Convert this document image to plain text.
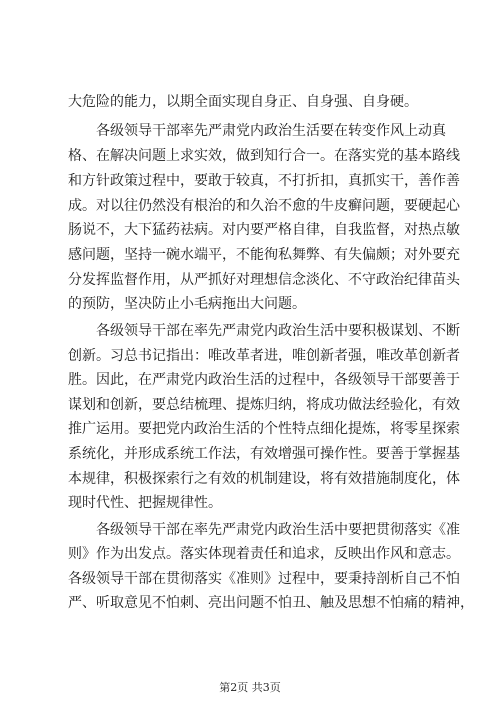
大危险的能力，以期全面实现自身正、自身强、自身硬。
各级领导干部率先严肃党内政治生活要在转变作风上动真
格、在解决问题上求实效，做到知行合一。在落实党的基本路线
和方针政策过程中，要敢于较真，不打折扣，真抓实干，善作善
成。对以往仍然没有根治的和久治不愈的牛皮癣问题，要硬起心
肠说不，大下猛药祛病。对内要严格自律，自我监督，对热点敏
感问题，坚持一碗水端平，不能徇私舞弊、有失偏颇；对外要充
分发挥监督作用，从严抓好对理想信念淡化、不守政治纪律苗头
的预防，坚决防止小毛病拖出大问题。
各级领导干部在率先严肃党内政治生活中要积极谋划、不断
创新。习总书记指出：唯改革者进，唯创新者强，唯改革创新者
胜。因此，在严肃党内政治生活的过程中，各级领导干部要善于
谋划和创新，要总结梳理、提炼归纳，将成功做法经验化，有效
推广运用。要把党内政治生活的个性特点细化提炼，将零星探索
系统化，并形成系统工作法，有效增强可操作性。要善于掌握基
本规律，积极探索行之有效的机制建设，将有效措施制度化，体
现时代性、把握规律性。
各级领导干部在率先严肃党内政治生活中要把贯彻落实《准
则》作为出发点。落实体现着责任和追求，反映出作风和意志。
各级领导干部在贯彻落实《准则》过程中，要秉持剖析自己不怕
严、听取意见不怕刺、亮出问题不怕丑、触及思想不怕痛的精神，
第2页 共3页
